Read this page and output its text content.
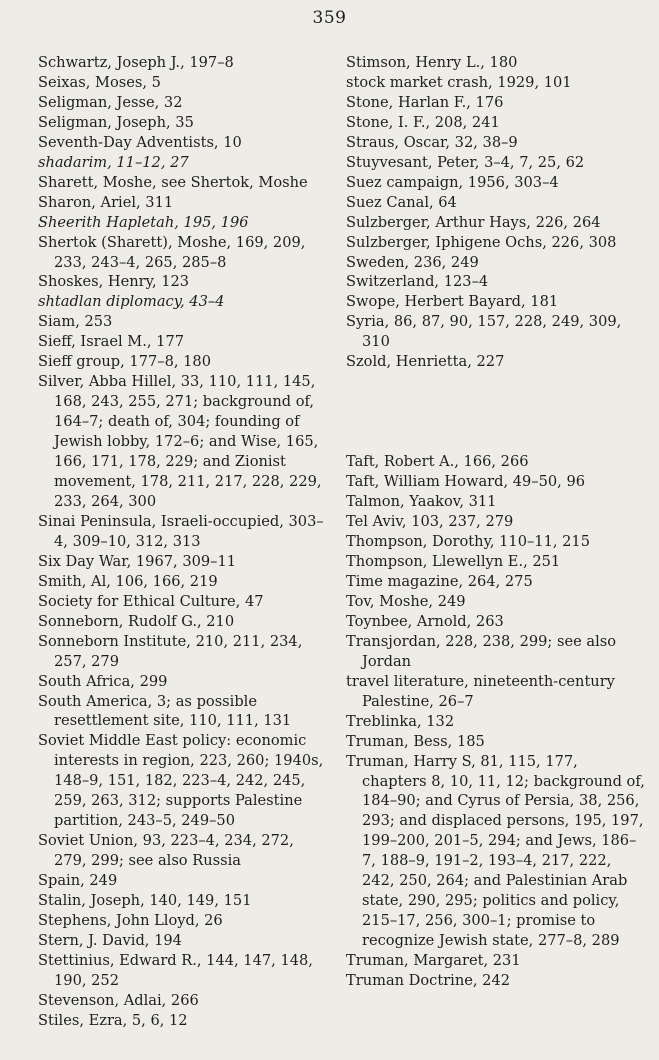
359
Schwartz, Joseph J., 197–8
Seixas, Moses, 5
Seligman, Jesse, 32
Seligman, Joseph, 35
Seventh-Day Adventists, 10
shadarim, 11–12, 27
Sharett, Moshe, see Shertok, Moshe
Sharon, Ariel, 311
Sheerith Hapletah, 195, 196
Shertok (Sharett), Moshe, 169, 209, 233, 243–4, 265, 285–8
Shoskes, Henry, 123
shtadlan diplomacy, 43–4
Siam, 253
Sieff, Israel M., 177
Sieff group, 177–8, 180
Silver, Abba Hillel, 33, 110, 111, 145, 168, 243, 255, 271; background of, 164–7; death of, 304; founding of Jewish lobby, 172–6; and Wise, 165, 166, 171, 178, 229; and Zionist movement, 178, 211, 217, 228, 229, 233, 264, 300
Sinai Peninsula, Israeli-occupied, 303–4, 309–10, 312, 313
Six Day War, 1967, 309–11
Smith, Al, 106, 166, 219
Society for Ethical Culture, 47
Sonneborn, Rudolf G., 210
Sonneborn Institute, 210, 211, 234, 257, 279
South Africa, 299
South America, 3; as possible resettlement site, 110, 111, 131
Soviet Middle East policy: economic interests in region, 223, 260; 1940s, 148–9, 151, 182, 223–4, 242, 245, 259, 263, 312; supports Palestine partition, 243–5, 249–50
Soviet Union, 93, 223–4, 234, 272, 279, 299; see also Russia
Spain, 249
Stalin, Joseph, 140, 149, 151
Stephens, John Lloyd, 26
Stern, J. David, 194
Stettinius, Edward R., 144, 147, 148, 190, 252
Stevenson, Adlai, 266
Stiles, Ezra, 5, 6, 12
Stimson, Henry L., 180
stock market crash, 1929, 101
Stone, Harlan F., 176
Stone, I. F., 208, 241
Straus, Oscar, 32, 38–9
Stuyvesant, Peter, 3–4, 7, 25, 62
Suez campaign, 1956, 303–4
Suez Canal, 64
Sulzberger, Arthur Hays, 226, 264
Sulzberger, Iphigene Ochs, 226, 308
Sweden, 236, 249
Switzerland, 123–4
Swope, Herbert Bayard, 181
Syria, 86, 87, 90, 157, 228, 249, 309, 310
Szold, Henrietta, 227
Taft, Robert A., 166, 266
Taft, William Howard, 49–50, 96
Talmon, Yaakov, 311
Tel Aviv, 103, 237, 279
Thompson, Dorothy, 110–11, 215
Thompson, Llewellyn E., 251
Time magazine, 264, 275
Tov, Moshe, 249
Toynbee, Arnold, 263
Transjordan, 228, 238, 299; see also Jordan
travel literature, nineteenth-century Palestine, 26–7
Treblinka, 132
Truman, Bess, 185
Truman, Harry S, 81, 115, 177, chapters 8, 10, 11, 12; background of, 184–90; and Cyrus of Persia, 38, 256, 293; and displaced persons, 195, 197, 199–200, 201–5, 294; and Jews, 186–7, 188–9, 191–2, 193–4, 217, 222, 242, 250, 264; and Palestinian Arab state, 290, 295; politics and policy, 215–17, 256, 300–1; promise to recognize Jewish state, 277–8, 289
Truman, Margaret, 231
Truman Doctrine, 242
